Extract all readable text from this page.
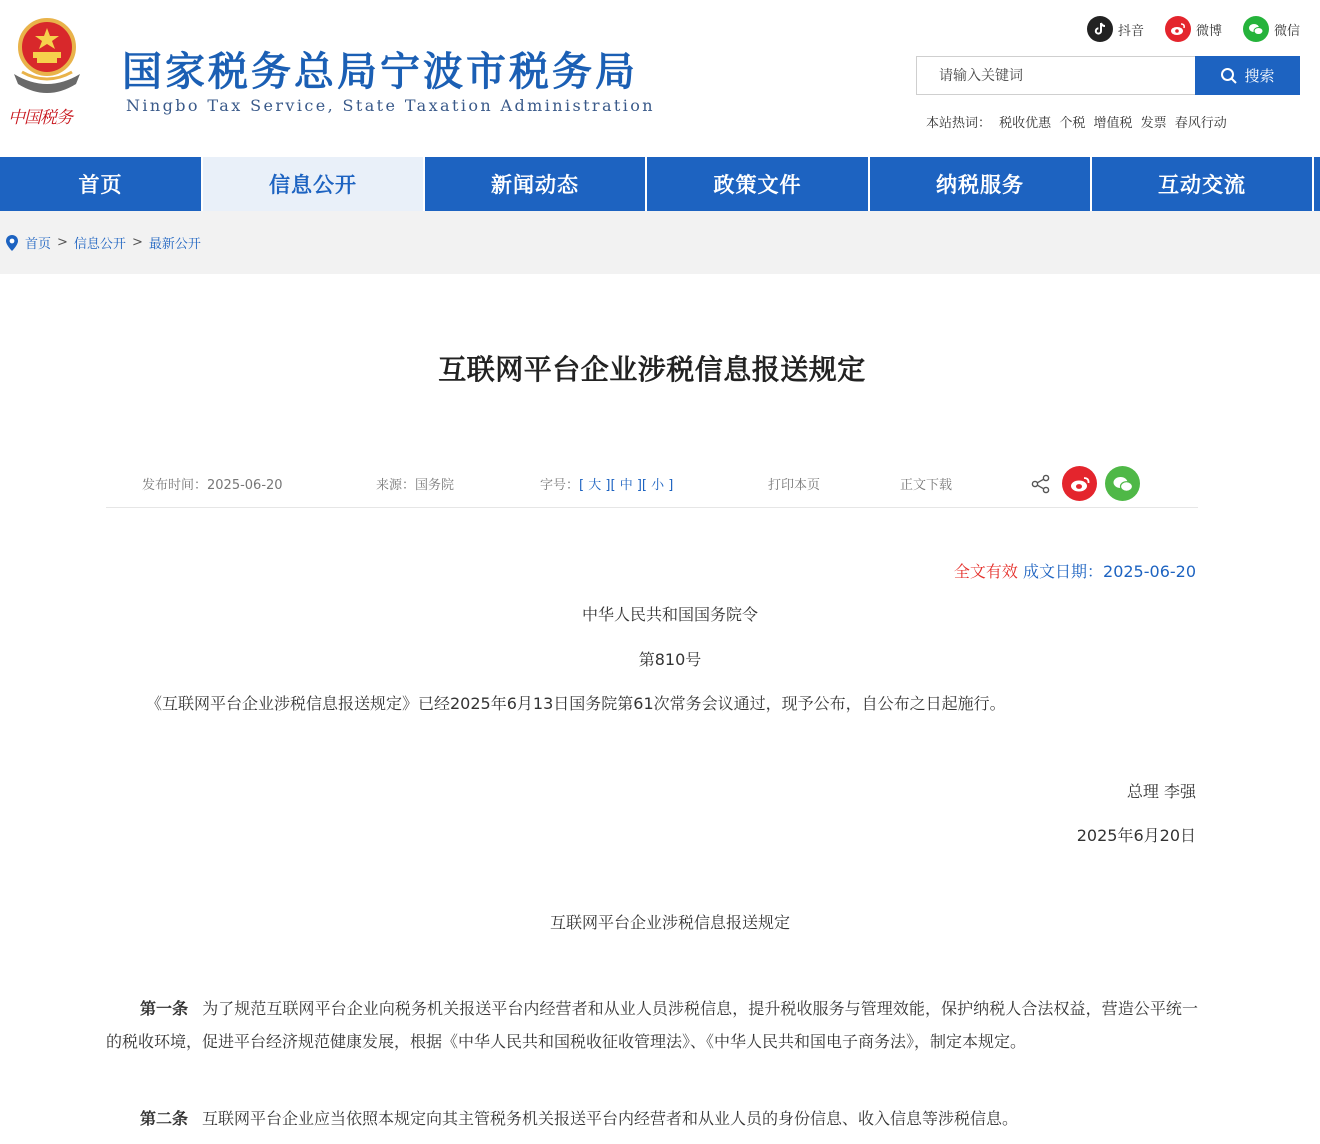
中国税务
国家税务总局宁波市税务局
Ningbo Tax Service, State Taxation Administration
抖音	微博	微信
请输入关键词
搜索
本站热词： 税收优惠 个税 增值税 发票 春风行动
首页	信息公开	新闻动态	政策文件	纳税服务	互动交流
首页 > 信息公开 > 最新公开
互联网平台企业涉税信息报送规定
发布时间：2025-06-20	来源：国务院	字号：[ 大 ][ 中 ][ 小 ]	打印本页	正文下载
全文有效 成文日期：2025-06-20
中华人民共和国国务院令
第810号
《互联网平台企业涉税信息报送规定》已经2025年6月13日国务院第61次常务会议通过，现予公布，自公布之日起施行。
总理 李强
2025年6月20日
互联网平台企业涉税信息报送规定
第一条 为了规范互联网平台企业向税务机关报送平台内经营者和从业人员涉税信息，提升税收服务与管理效能，保护纳税人合法权益，营造公平统一的税收环境，促进平台经济规范健康发展，根据《中华人民共和国税收征收管理法》、《中华人民共和国电子商务法》，制定本规定。
第二条 互联网平台企业应当依照本规定向其主管税务机关报送平台内经营者和从业人员的身份信息、收入信息等涉税信息。
